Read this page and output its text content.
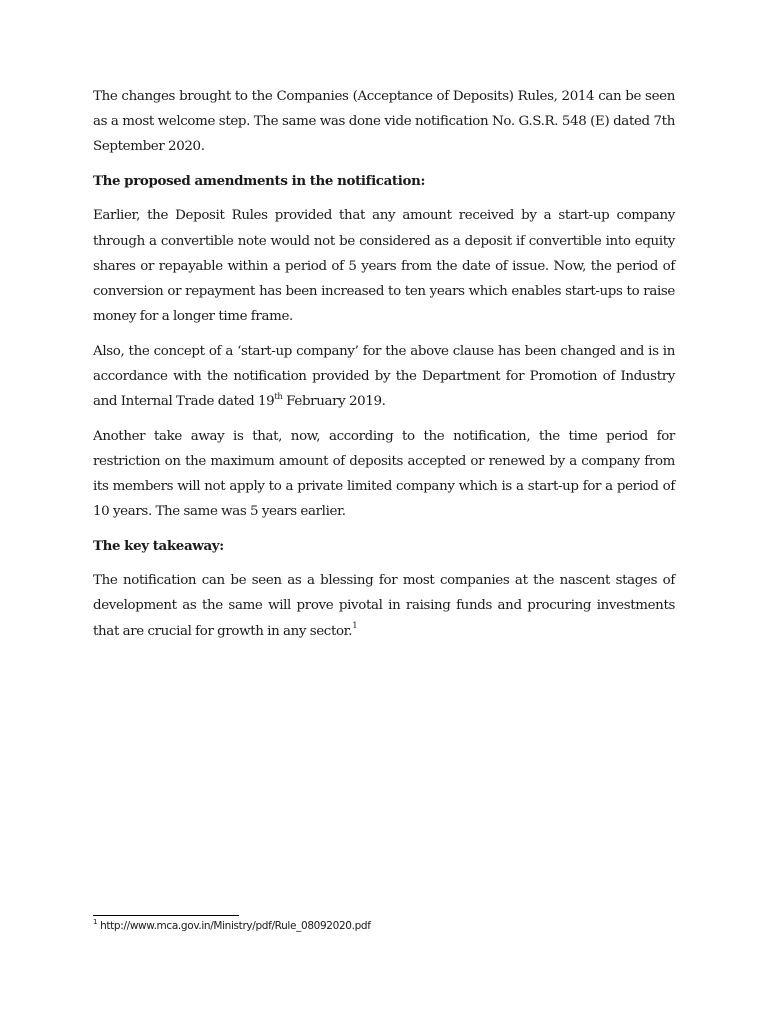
The changes brought to the Companies (Acceptance of Deposits) Rules, 2014 can be seen as a most welcome step. The same was done vide notification No. G.S.R. 548 (E) dated 7th September 2020.

The proposed amendments in the notification:

Earlier, the Deposit Rules provided that any amount received by a start-up company through a convertible note would not be considered as a deposit if convertible into equity shares or repayable within a period of 5 years from the date of issue. Now, the period of conversion or repayment has been increased to ten years which enables start-ups to raise money for a longer time frame.

Also, the concept of a ‘start-up company’ for the above clause has been changed and is in accordance with the notification provided by the Department for Promotion of Industry and Internal Trade dated 19th February 2019.

Another take away is that, now, according to the notification, the time period for restriction on the maximum amount of deposits accepted or renewed by a company from its members will not apply to a private limited company which is a start-up for a period of 10 years. The same was 5 years earlier.

The key takeaway:

The notification can be seen as a blessing for most companies at the nascent stages of development as the same will prove pivotal in raising funds and procuring investments that are crucial for growth in any sector.$^1$

$^1$ http://www.mca.gov.in/Ministry/pdf/Rule_08092020.pdf
